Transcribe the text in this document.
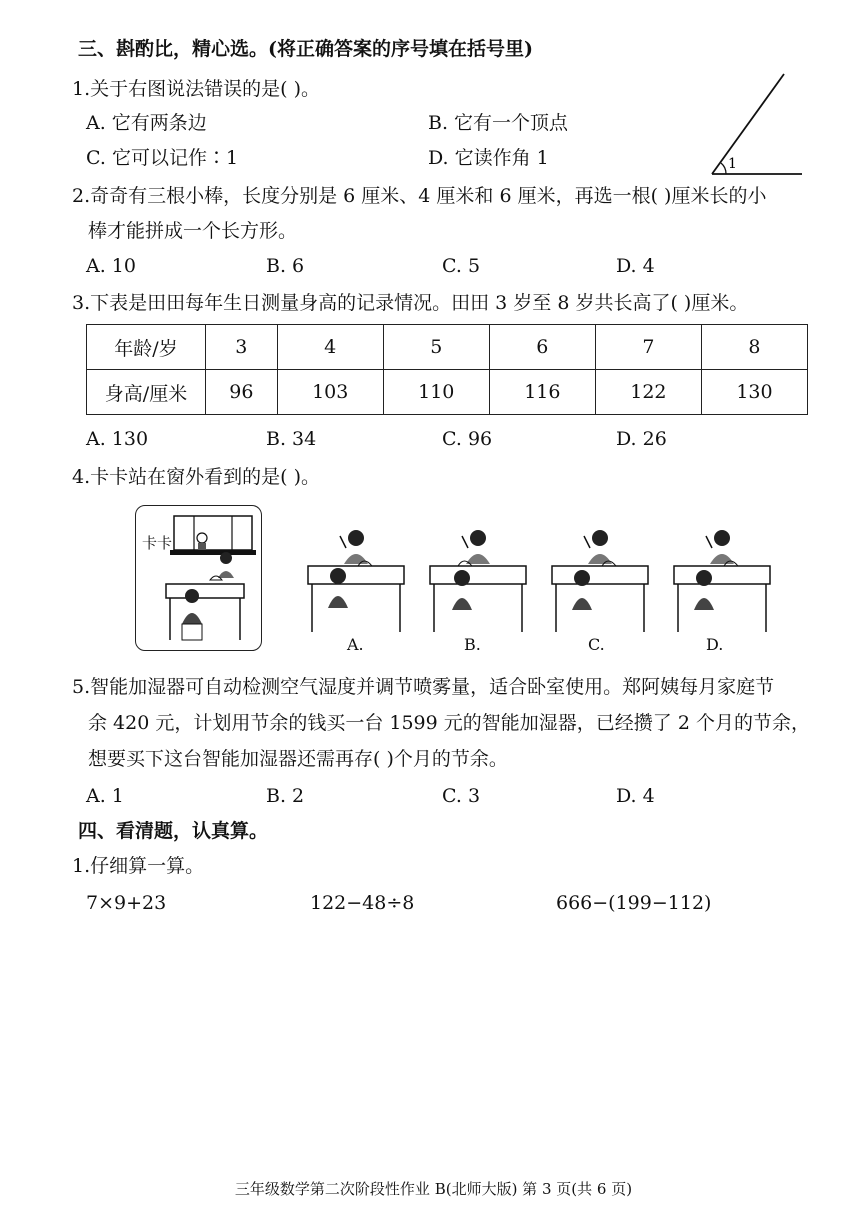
三、斟酌比，精心选。(将正确答案的序号填在括号里)
1.关于右图说法错误的是( )。
A. 它有两条边	B. 它有一个顶点
C. 它可以记作∶1	D. 它读作角 1	1
2.奇奇有三根小棒，长度分别是 6 厘米、4 厘米和 6 厘米，再选一根( )厘米长的小
棒才能拼成一个长方形。
A. 10	B. 6	C. 5	D. 4
3.下表是田田每年生日测量身高的记录情况。田田 3 岁至 8 岁共长高了( )厘米。
年龄/岁	3	4	5	6	7	8
身高/厘米	96	103	110	116	122	130
A. 130	B. 34	C. 96	D. 26
4.卡卡站在窗外看到的是( )。
卡卡
A.	B.	C.	D.
5.智能加湿器可自动检测空气湿度并调节喷雾量，适合卧室使用。郑阿姨每月家庭节
余 420 元，计划用节余的钱买一台 1599 元的智能加湿器，已经攒了 2 个月的节余，
想要买下这台智能加湿器还需再存( )个月的节余。
A. 1	B. 2	C. 3	D. 4
四、看清题，认真算。
1.仔细算一算。
7×9+23	122−48÷8	666−(199−112)
三年级数学第二次阶段性作业 B(北师大版) 第 3 页(共 6 页)
